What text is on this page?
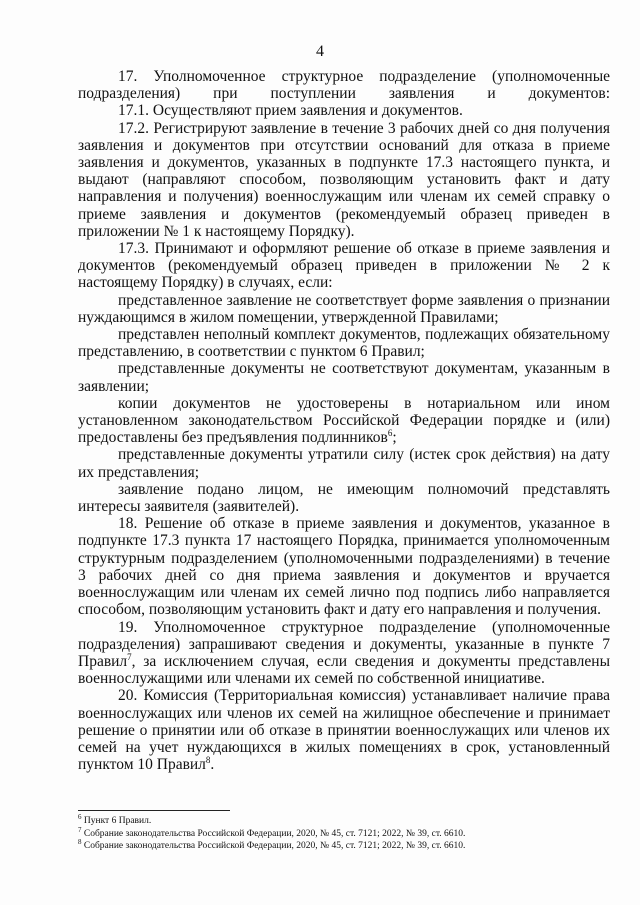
4

17. Уполномоченное структурное подразделение (уполномоченные подразделения) при поступлении заявления и документов:

17.1. Осуществляют прием заявления и документов.

17.2. Регистрируют заявление в течение 3 рабочих дней со дня получения заявления и документов при отсутствии оснований для отказа в приеме заявления и документов, указанных в подпункте 17.3 настоящего пункта, и выдают (направляют способом, позволяющим установить факт и дату направления и получения) военнослужащим или членам их семей справку о приеме заявления и документов (рекомендуемый образец приведен в приложении № 1 к настоящему Порядку).

17.3. Принимают и оформляют решение об отказе в приеме заявления и документов (рекомендуемый образец приведен в приложении № 2 к настоящему Порядку) в случаях, если:

представленное заявление не соответствует форме заявления о признании нуждающимся в жилом помещении, утвержденной Правилами;

представлен неполный комплект документов, подлежащих обязательному представлению, в соответствии с пунктом 6 Правил;

представленные документы не соответствуют документам, указанным в заявлении;

копии документов не удостоверены в нотариальном или ином установленном законодательством Российской Федерации порядке и (или) предоставлены без предъявления подлинников$^6$;

представленные документы утратили силу (истек срок действия) на дату их представления;

заявление подано лицом, не имеющим полномочий представлять интересы заявителя (заявителей).

18. Решение об отказе в приеме заявления и документов, указанное в подпункте 17.3 пункта 17 настоящего Порядка, принимается уполномоченным структурным подразделением (уполномоченными подразделениями) в течение 3 рабочих дней со дня приема заявления и документов и вручается военнослужащим или членам их семей лично под подпись либо направляется способом, позволяющим установить факт и дату его направления и получения.

19. Уполномоченное структурное подразделение (уполномоченные подразделения) запрашивают сведения и документы, указанные в пункте 7 Правил$^7$, за исключением случая, если сведения и документы представлены военнослужащими или членами их семей по собственной инициативе.

20. Комиссия (Территориальная комиссия) устанавливает наличие права военнослужащих или членов их семей на жилищное обеспечение и принимает решение о принятии или об отказе в принятии военнослужащих или членов их семей на учет нуждающихся в жилых помещениях в срок, установленный пунктом 10 Правил$^8$.

$^6$ Пункт 6 Правил.
$^7$ Собрание законодательства Российской Федерации, 2020, № 45, ст. 7121; 2022, № 39, ст. 6610.
$^8$ Собрание законодательства Российской Федерации, 2020, № 45, ст. 7121; 2022, № 39, ст. 6610.
